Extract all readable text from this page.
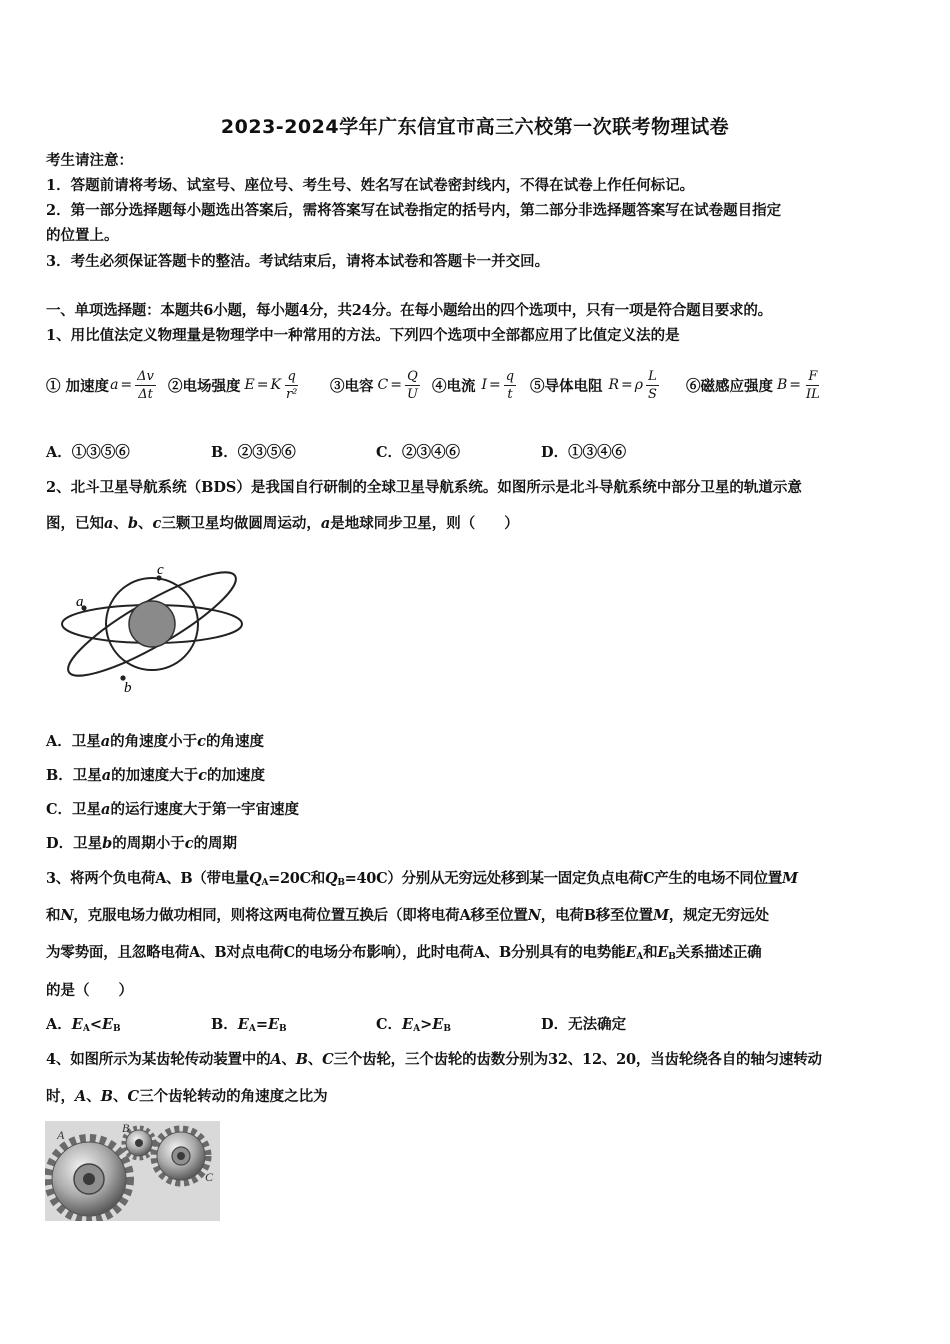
2023-2024学年广东信宜市高三六校第一次联考物理试卷
考生请注意：
1．答题前请将考场、试室号、座位号、考生号、姓名写在试卷密封线内，不得在试卷上作任何标记。
2．第一部分选择题每小题选出答案后，需将答案写在试卷指定的括号内，第二部分非选择题答案写在试卷题目指定
的位置上。
3．考生必须保证答题卡的整洁。考试结束后，请将本试卷和答题卡一并交回。
一、单项选择题：本题共6小题，每小题4分，共24分。在每小题给出的四个选项中，只有一项是符合题目要求的。
1、用比值法定义物理量是物理学中一种常用的方法。下列四个选项中全部都应用了比值定义法的是
① 加速度 $a = \frac{\Delta v}{\Delta t}$ ②电场强度 E = K $\frac{q}{\text{r²}}$ ③电容 $C = \frac{Q}{U}$ ④电流 $I = \frac{q}{t}$ ⑤导体电阻 R = ρ $\frac{L}{S}$ ⑥磁感应强度 $B = \frac{F}{IL}$
A．①③⑤⑥	B．②③⑤⑥	C．②③④⑥	D．①③④⑥
2、北斗卫星导航系统（BDS）是我国自行研制的全球卫星导航系统。如图所示是北斗导航系统中部分卫星的轨道示意
图，已知a、b、c三颗卫星均做圆周运动，a是地球同步卫星，则（　　）
a
c
b
A．卫星a的角速度小于c的角速度
B．卫星a的加速度大于c的加速度
C．卫星a的运行速度大于第一宇宙速度
D．卫星b的周期小于c的周期
3、将两个负电荷A、B（带电量$Q_A=20C$和$Q_B=40C$）分别从无穷远处移到某一固定负点电荷C产生的电场不同位置M
和N，克服电场力做功相同，则将这两电荷位置互换后（即将电荷A移至位置N，电荷B移至位置M，规定无穷远处
为零势面，且忽略电荷A、B对点电荷C的电场分布影响），此时电荷A、B分别具有的电势能$E_A$和$E_B$关系描述正确
的是（　　）
A．$E_A<E_B$	B．$E_A=E_B$	C．$E_A>E_B$	D．无法确定
4、如图所示为某齿轮传动装置中的A、B、C三个齿轮，三个齿轮的齿数分别为32、12、20，当齿轮绕各自的轴匀速转动
时，A、B、C三个齿轮转动的角速度之比为
A	B
C
